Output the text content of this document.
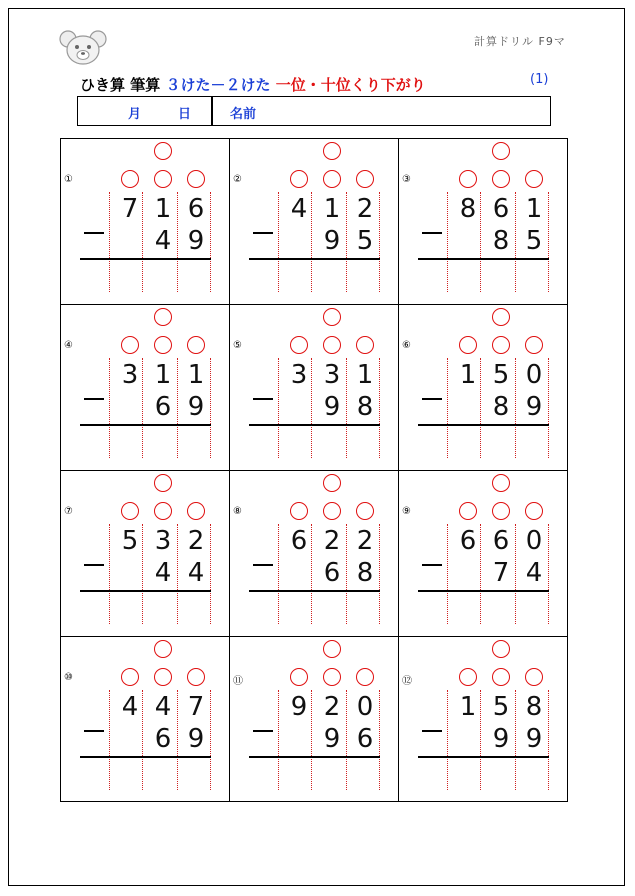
計算ドリル F9マ
ひき算 筆算 ３けた－２けた 一位・十位くり下がり	(1)
月	日	名前
①
7 1 6
4 9
②
4 1 2
9 5
③
8 6 1
8 5
④
3 1 1
6 9
⑤
3 3 1
9 8
⑥
1 5 0
8 9
⑦
5 3 2
4 4
⑧
6 2 2
6 8
⑨
6 6 0
7 4
⑩
4 4 7
6 9
⑪
9 2 0
9 6
⑫
1 5 8
9 9
